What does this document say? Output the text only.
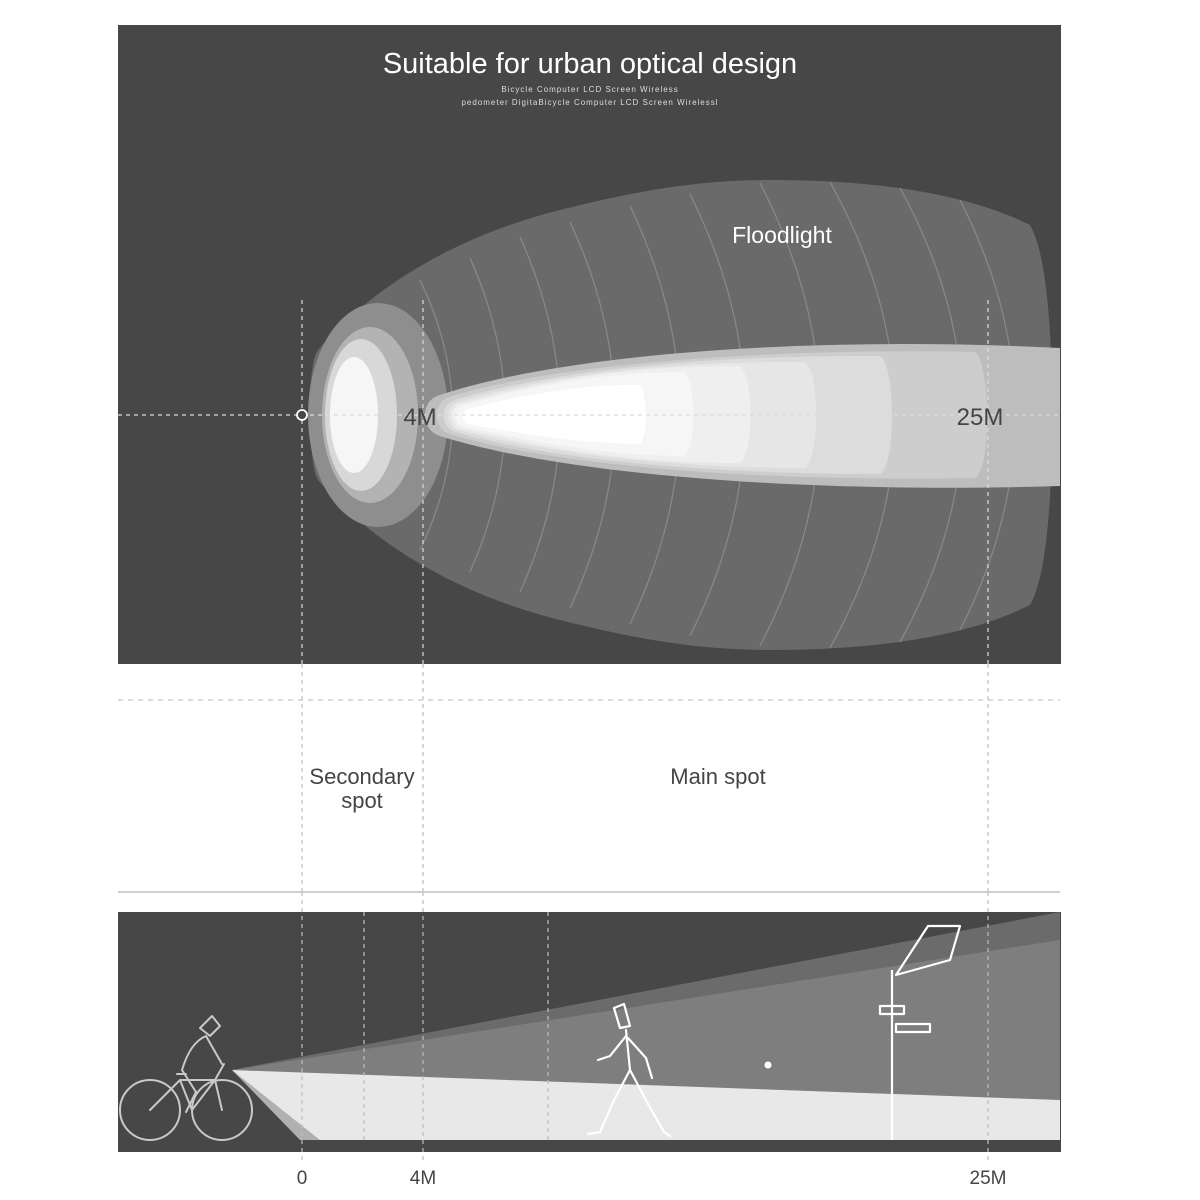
Suitable for urban optical design
Bicycle Computer LCD Screen Wireless
pedometer DigitaBicycle Computer LCD Screen Wirelessl
Floodlight
4M	25M
Secondary
spot
Main spot
0	4M	25M
